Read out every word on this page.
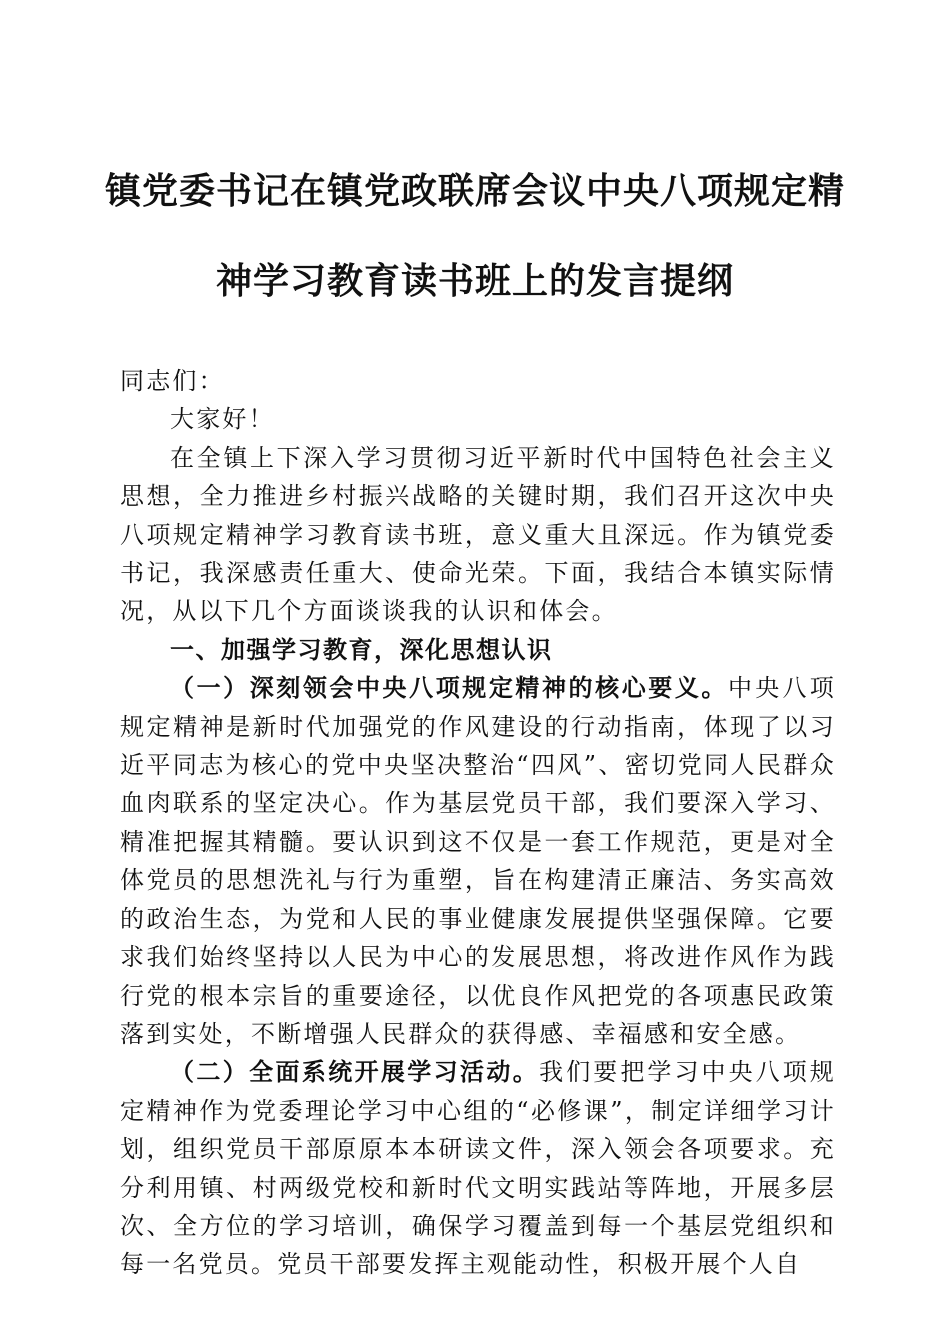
镇党委书记在镇党政联席会议中央八项规定精
神学习教育读书班上的发言提纲

同志们：

大家好！

在全镇上下深入学习贯彻习近平新时代中国特色社会主义思想，全力推进乡村振兴战略的关键时期，我们召开这次中央八项规定精神学习教育读书班，意义重大且深远。作为镇党委书记，我深感责任重大、使命光荣。下面，我结合本镇实际情况，从以下几个方面谈谈我的认识和体会。

一、加强学习教育，深化思想认识

（一）深刻领会中央八项规定精神的核心要义。中央八项规定精神是新时代加强党的作风建设的行动指南，体现了以习近平同志为核心的党中央坚决整治“四风”、密切党同人民群众血肉联系的坚定决心。作为基层党员干部，我们要深入学习、精准把握其精髓。要认识到这不仅是一套工作规范，更是对全体党员的思想洗礼与行为重塑，旨在构建清正廉洁、务实高效的政治生态，为党和人民的事业健康发展提供坚强保障。它要求我们始终坚持以人民为中心的发展思想，将改进作风作为践行党的根本宗旨的重要途径，以优良作风把党的各项惠民政策落到实处，不断增强人民群众的获得感、幸福感和安全感。

（二）全面系统开展学习活动。我们要把学习中央八项规定精神作为党委理论学习中心组的“必修课”，制定详细学习计划，组织党员干部原原本本研读文件，深入领会各项要求。充分利用镇、村两级党校和新时代文明实践站等阵地，开展多层次、全方位的学习培训，确保学习覆盖到每一个基层党组织和每一名党员。党员干部要发挥主观能动性，积极开展个人自
